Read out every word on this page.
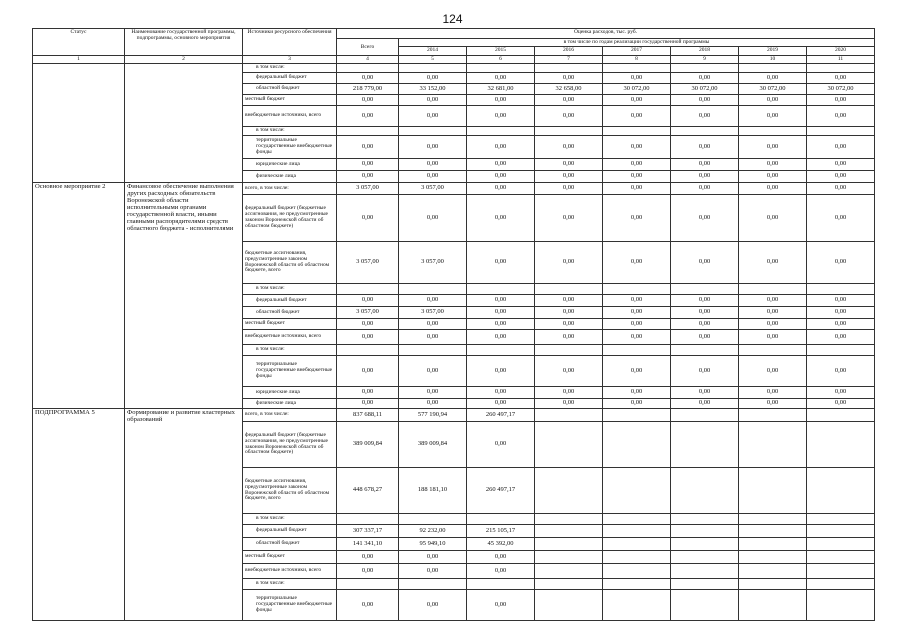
124
Статус	Наименование государственной программы, подпрограммы, основного мероприятия	Источники ресурсного обеспечения	Оценка расходов, тыс. руб.							
			Всего	в том числе по годам реализации государственной программы						
				2014	2015	2016	2017	2018	2019	2020
1	2	3	4	5	6	7	8	9	10	11
		в том числе:								
		федеральный бюджет	0,00	0,00	0,00	0,00	0,00	0,00	0,00	0,00
		областной бюджет	218 779,00	33 152,00	32 681,00	32 658,00	30 072,00	30 072,00	30 072,00	30 072,00
		местный бюджет	0,00	0,00	0,00	0,00	0,00	0,00	0,00	0,00
		внебюджетные источники, всего	0,00	0,00	0,00	0,00	0,00	0,00	0,00	0,00
		в том числе:								
		территориальные государственные внебюджетные фонды	0,00	0,00	0,00	0,00	0,00	0,00	0,00	0,00
		юридические лица	0,00	0,00	0,00	0,00	0,00	0,00	0,00	0,00
		физические лица	0,00	0,00	0,00	0,00	0,00	0,00	0,00	0,00
Основное мероприятие 2	Финансовое обеспечение выполнения других расходных обязательств Воронежской области исполнительными органами государственной власти, иными главными распорядителями средств областного бюджета - исполнителями	всего, в том числе:	3 057,00	3 057,00	0,00	0,00	0,00	0,00	0,00	0,00
		федеральный бюджет (бюджетные ассигнования, не предусмотренные законом Воронежской области об областном бюджете)	0,00	0,00	0,00	0,00	0,00	0,00	0,00	0,00
		бюджетные ассигнования, предусмотренные законом Воронежской области об областном бюджете, всего	3 057,00	3 057,00	0,00	0,00	0,00	0,00	0,00	0,00
		в том числе:								
		федеральный бюджет	0,00	0,00	0,00	0,00	0,00	0,00	0,00	0,00
		областной бюджет	3 057,00	3 057,00	0,00	0,00	0,00	0,00	0,00	0,00
		местный бюджет	0,00	0,00	0,00	0,00	0,00	0,00	0,00	0,00
		внебюджетные источники, всего	0,00	0,00	0,00	0,00	0,00	0,00	0,00	0,00
		в том числе:								
		территориальные государственные внебюджетные фонды	0,00	0,00	0,00	0,00	0,00	0,00	0,00	0,00
		юридические лица	0,00	0,00	0,00	0,00	0,00	0,00	0,00	0,00
		физические лица	0,00	0,00	0,00	0,00	0,00	0,00	0,00	0,00
ПОДПРОГРАММА 5	Формирование и развитие кластерных образований	всего, в том числе:	837 688,11	577 190,94	260 497,17					
		федеральный бюджет (бюджетные ассигнования, не предусмотренные законом Воронежской области об областном бюджете)	389 009,84	389 009,84	0,00					
		бюджетные ассигнования, предусмотренные законом Воронежской области об областном бюджете, всего	448 678,27	188 181,10	260 497,17					
		в том числе:								
		федеральный бюджет	307 337,17	92 232,00	215 105,17					
		областной бюджет	141 341,10	95 949,10	45 392,00					
		местный бюджет	0,00	0,00	0,00					
		внебюджетные источники, всего	0,00	0,00	0,00					
		в том числе:								
		территориальные государственные внебюджетные фонды	0,00	0,00	0,00					
